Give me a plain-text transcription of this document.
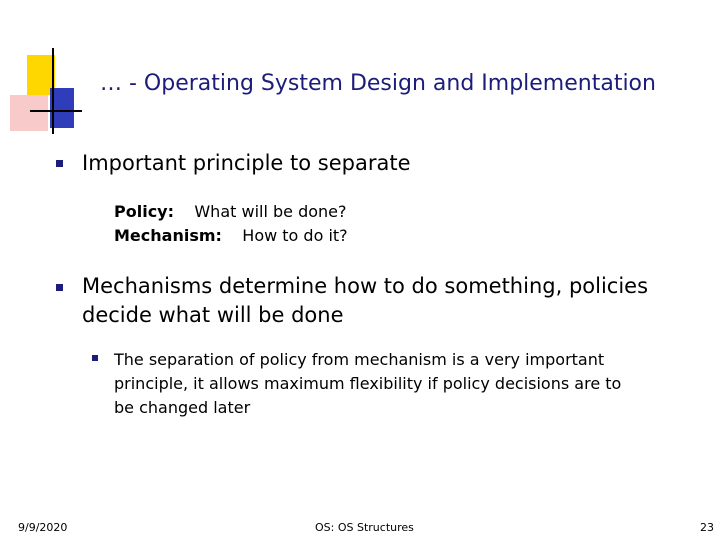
… - Operating System Design and Implementation
Important principle to separate
Policy: What will be done?
Mechanism: How to do it?
Mechanisms determine how to do something, policies
decide what will be done
The separation of policy from mechanism is a very important
principle, it allows maximum flexibility if policy decisions are to
be changed later
9/9/2020	OS: OS Structures	23
